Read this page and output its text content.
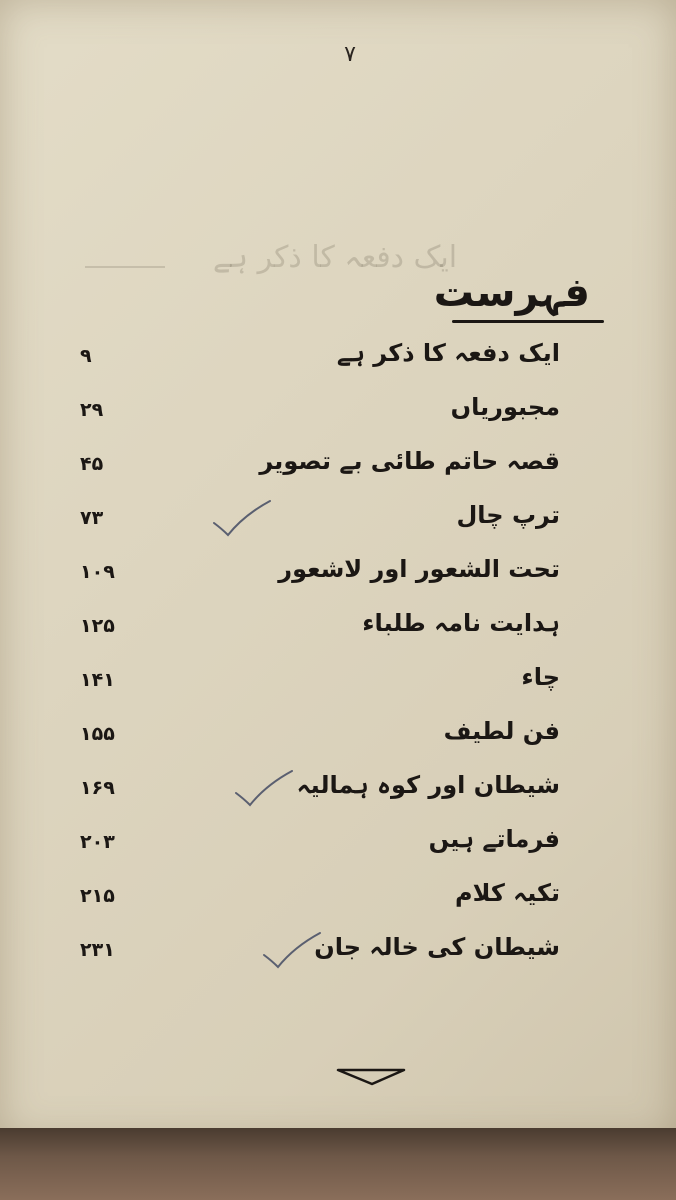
۷
ایک دفعہ کا ذکر ہے
فہرست
ایک دفعہ کا ذکر ہے
۹
مجبوریاں
۲۹
قصہ حاتم طائی بے تصویر
۴۵
ترپ چال
۷۳
تحت الشعور اور لاشعور
۱۰۹
ہدایت نامہ طلباء
۱۲۵
چاء
۱۴۱
فن لطیف
۱۵۵
شیطان اور کوہ ہمالیہ
۱۶۹
فرماتے ہیں
۲۰۳
تکیہ کلام
۲۱۵
شیطان کی خالہ جان
۲۳۱
